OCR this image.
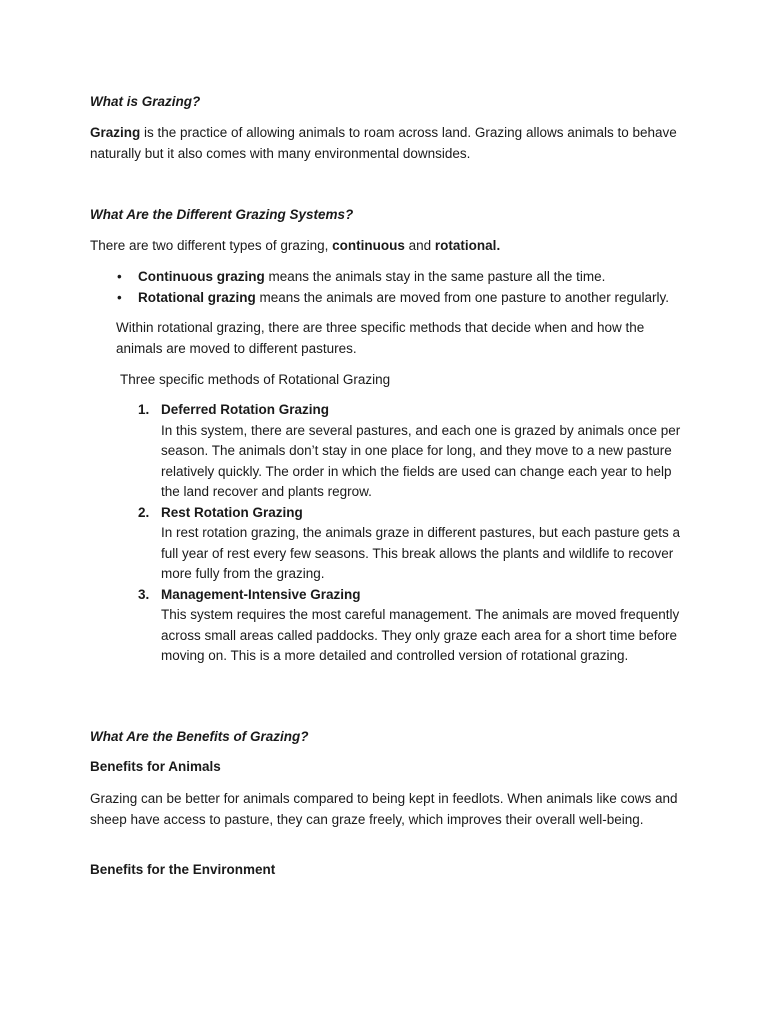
What is Grazing?

Grazing is the practice of allowing animals to roam across land. Grazing allows animals to behave naturally but it also comes with many environmental downsides.

What Are the Different Grazing Systems?

There are two different types of grazing, continuous and rotational.

• Continuous grazing means the animals stay in the same pasture all the time.
• Rotational grazing means the animals are moved from one pasture to another regularly.

Within rotational grazing, there are three specific methods that decide when and how the animals are moved to different pastures.

Three specific methods of Rotational Grazing

1. Deferred Rotation Grazing
In this system, there are several pastures, and each one is grazed by animals once per season. The animals don’t stay in one place for long, and they move to a new pasture relatively quickly. The order in which the fields are used can change each year to help the land recover and plants regrow.
2. Rest Rotation Grazing
In rest rotation grazing, the animals graze in different pastures, but each pasture gets a full year of rest every few seasons. This break allows the plants and wildlife to recover more fully from the grazing.
3. Management-Intensive Grazing
This system requires the most careful management. The animals are moved frequently across small areas called paddocks. They only graze each area for a short time before moving on. This is a more detailed and controlled version of rotational grazing.

What Are the Benefits of Grazing?

Benefits for Animals

Grazing can be better for animals compared to being kept in feedlots. When animals like cows and sheep have access to pasture, they can graze freely, which improves their overall well-being.

Benefits for the Environment
